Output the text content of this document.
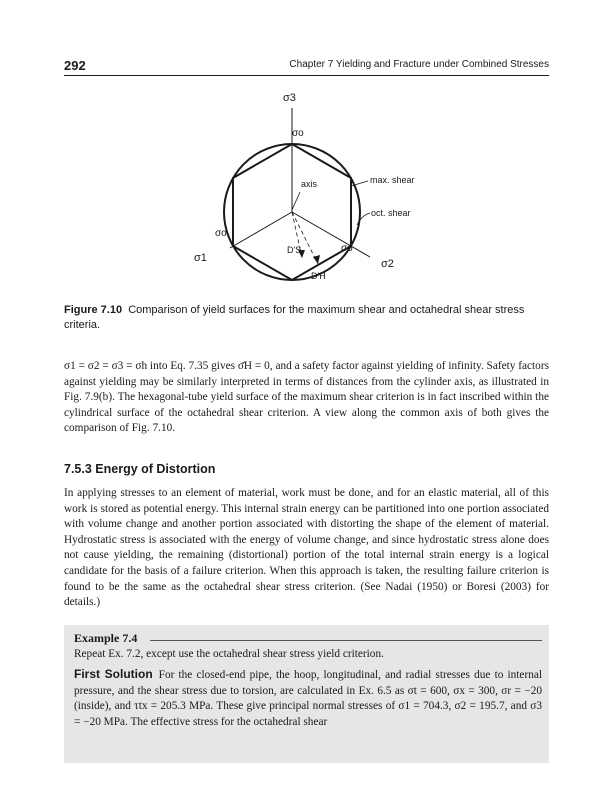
292	Chapter 7 Yielding and Fracture under Combined Stresses
σ3
σo
axis	max. shear
oct. shear
σo
σ1
D'S	σo
σ2
D'H
Figure 7.10 Comparison of yield surfaces for the maximum shear and octahedral shear stress criteria.

σ1 = σ2 = σ3 = σh into Eq. 7.35 gives σ̄H = 0, and a safety factor against yielding of infinity. Safety factors against yielding may be similarly interpreted in terms of distances from the cylinder axis, as illustrated in Fig. 7.9(b). The hexagonal-tube yield surface of the maximum shear criterion is in fact inscribed within the cylindrical surface of the octahedral shear criterion. A view along the common axis of both gives the comparison of Fig. 7.10.

7.5.3 Energy of Distortion

In applying stresses to an element of material, work must be done, and for an elastic material, all of this work is stored as potential energy. This internal strain energy can be partitioned into one portion associated with volume change and another portion associated with distorting the shape of the element of material. Hydrostatic stress is associated with the energy of volume change, and since hydrostatic stress alone does not cause yielding, the remaining (distortional) portion of the total internal strain energy is a logical candidate for the basis of a failure criterion. When this approach is taken, the resulting failure criterion is found to be the same as the octahedral shear stress criterion. (See Nadai (1950) or Boresi (2003) for details.)

Example 7.4

Repeat Ex. 7.2, except use the octahedral shear stress yield criterion.

First Solution For the closed-end pipe, the hoop, longitudinal, and radial stresses due to internal pressure, and the shear stress due to torsion, are calculated in Ex. 6.5 as σt = 600, σx = 300, σr = −20 (inside), and τtx = 205.3 MPa. These give principal normal stresses of σ1 = 704.3, σ2 = 195.7, and σ3 = −20 MPa. The effective stress for the octahedral shear
